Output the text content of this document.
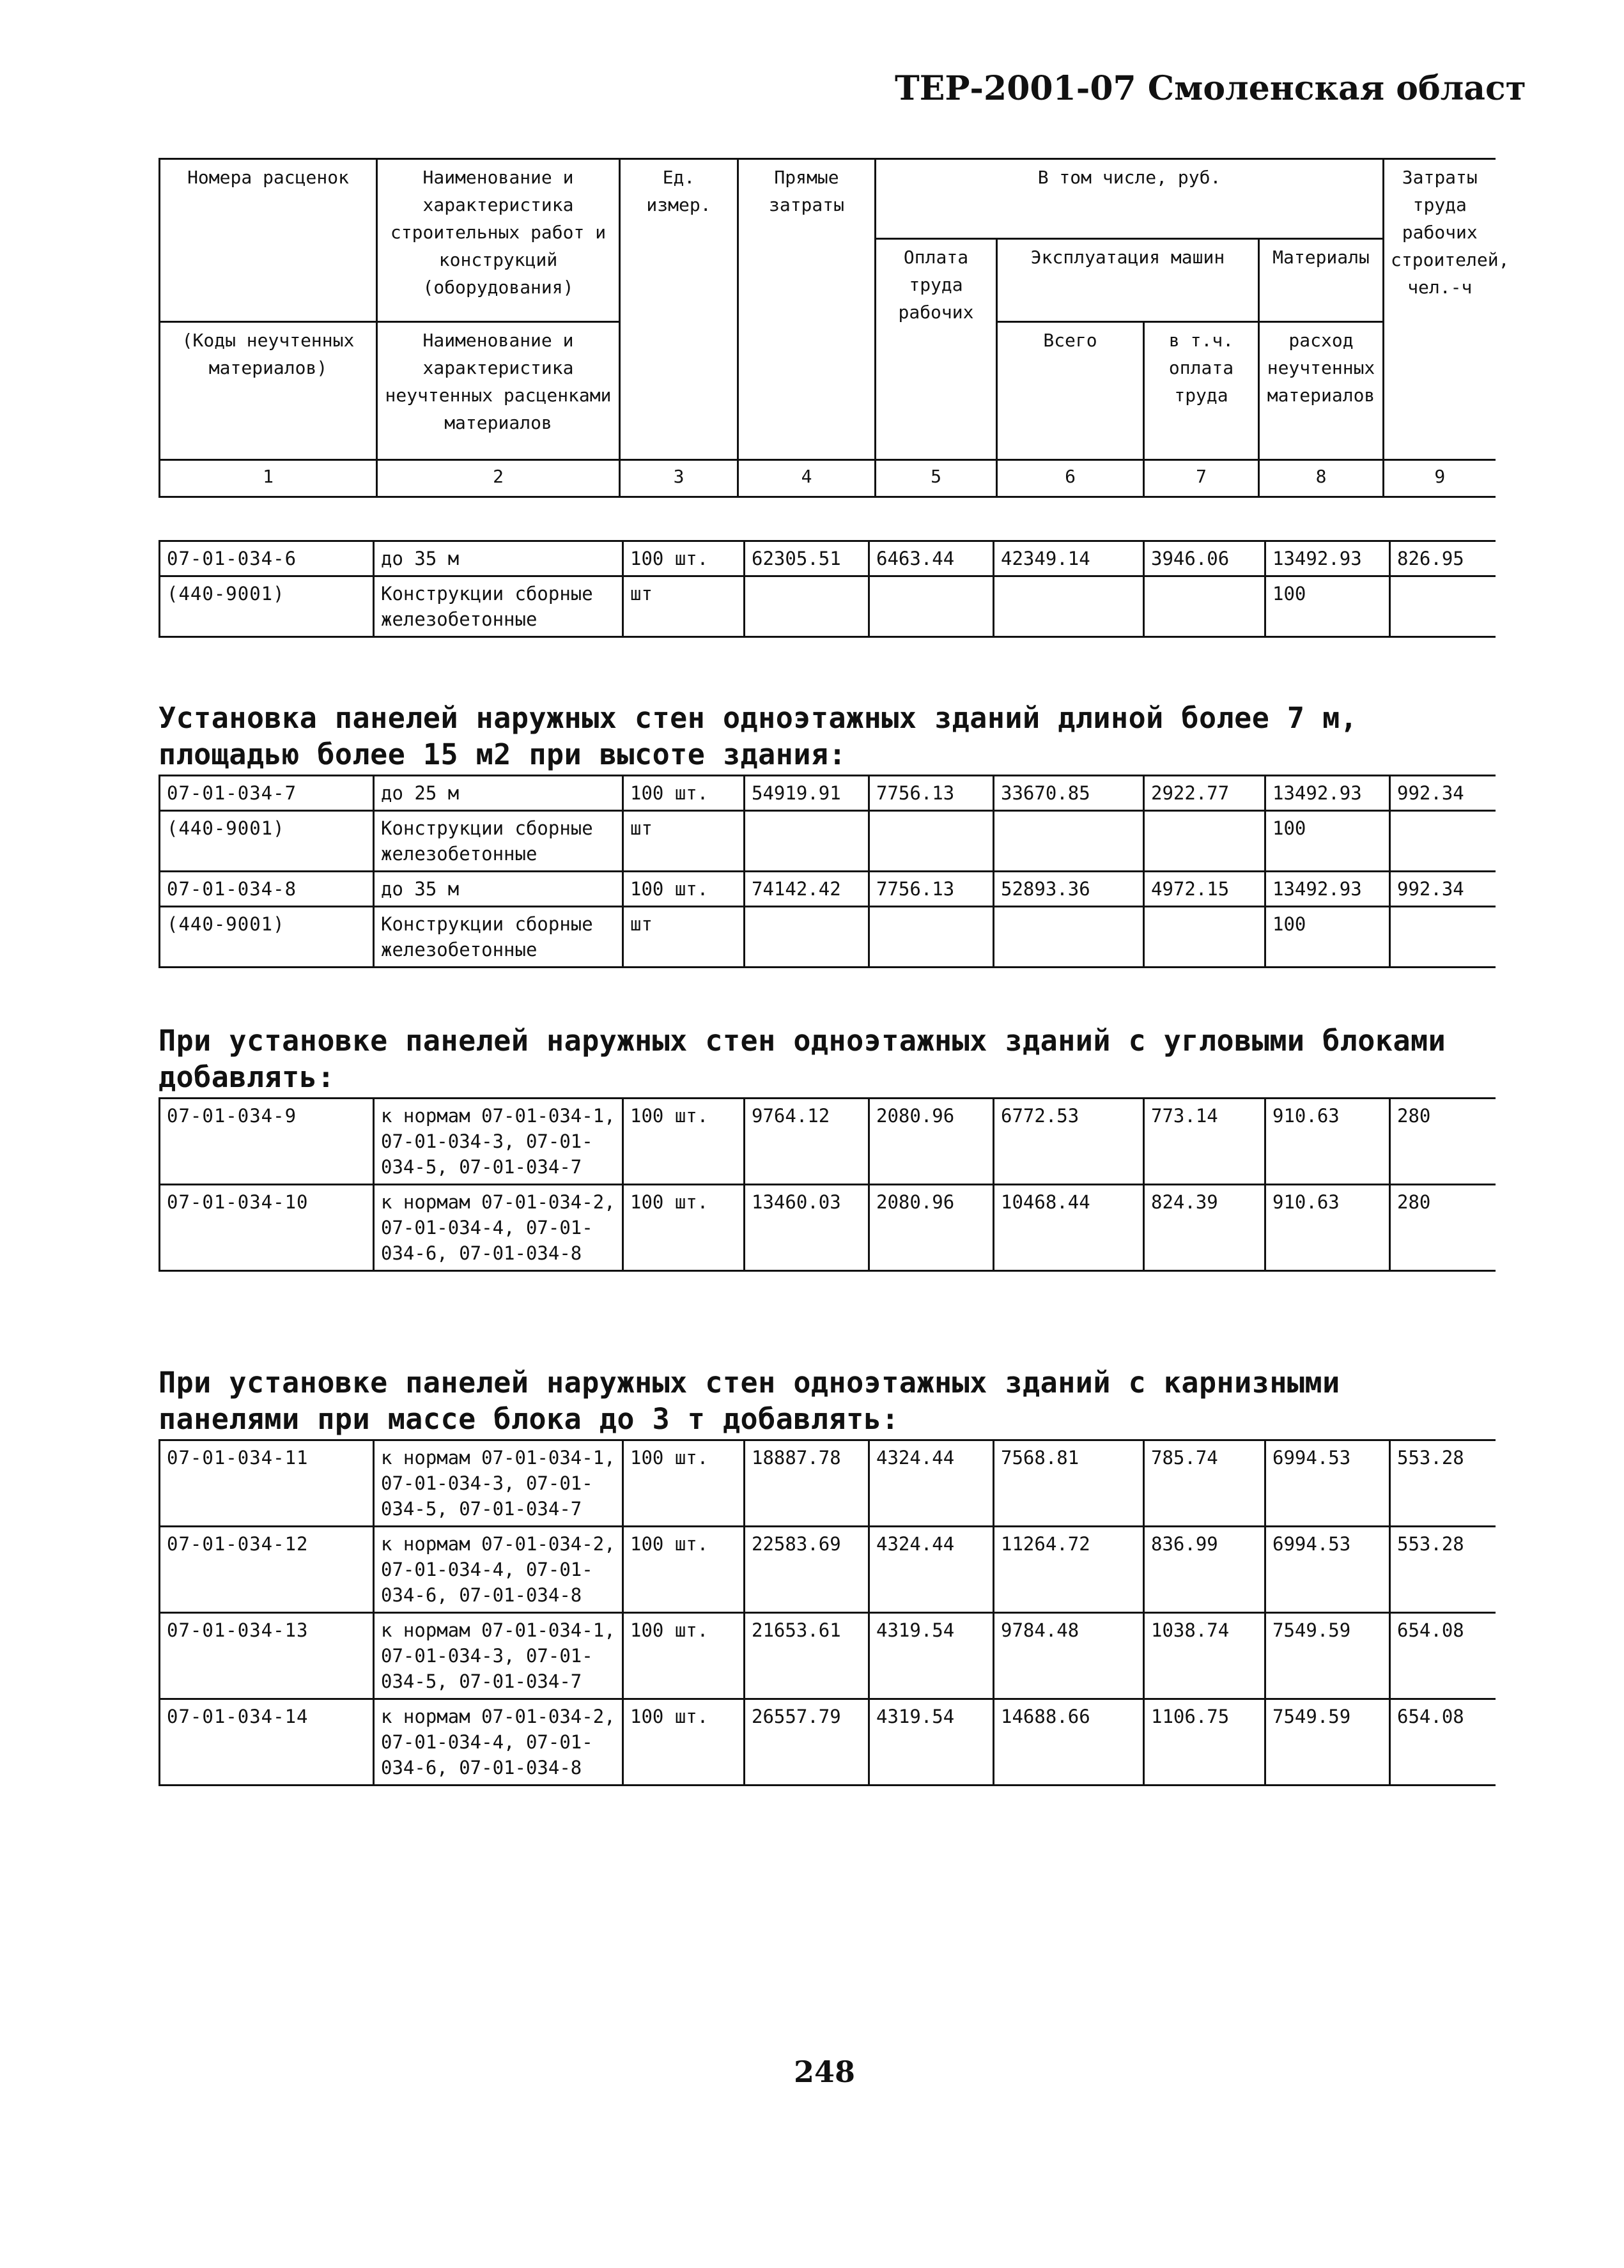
ТЕР-2001-07 Смоленская област
Номера расценок	Наименование и характеристика строительных работ и конструкций (оборудования)	Ед. измер.	Прямые затраты	В том числе, руб.				Затраты труда рабочих строителей, чел.-ч
				Оплата труда рабочих	Эксплуатация машин		Материалы	
(Коды неучтенных материалов)	Наименование и характеристика неучтенных расценками материалов				Всего	в т.ч. оплата труда	расход неучтенных материалов	
1	2	3	4	5	6	7	8	9
07-01-034-6	до 35 м	100 шт.	62305.51	6463.44	42349.14	3946.06	13492.93	826.95
(440-9001)	Конструкции сборные железобетонные	шт					100	
Установка панелей наружных стен одноэтажных зданий длиной более 7 м, площадью более 15 м2 при высоте здания:
07-01-034-7	до 25 м	100 шт.	54919.91	7756.13	33670.85	2922.77	13492.93	992.34
(440-9001)	Конструкции сборные железобетонные	шт					100	
07-01-034-8	до 35 м	100 шт.	74142.42	7756.13	52893.36	4972.15	13492.93	992.34
(440-9001)	Конструкции сборные железобетонные	шт					100	
При установке панелей наружных стен одноэтажных зданий с угловыми блоками добавлять:
07-01-034-9	к нормам 07-01-034-1, 07-01-034-3, 07-01-034-5, 07-01-034-7	100 шт.	9764.12	2080.96	6772.53	773.14	910.63	280
07-01-034-10	к нормам 07-01-034-2, 07-01-034-4, 07-01-034-6, 07-01-034-8	100 шт.	13460.03	2080.96	10468.44	824.39	910.63	280
При установке панелей наружных стен одноэтажных зданий с карнизными панелями при массе блока до 3 т добавлять:
07-01-034-11	к нормам 07-01-034-1, 07-01-034-3, 07-01-034-5, 07-01-034-7	100 шт.	18887.78	4324.44	7568.81	785.74	6994.53	553.28
07-01-034-12	к нормам 07-01-034-2, 07-01-034-4, 07-01-034-6, 07-01-034-8	100 шт.	22583.69	4324.44	11264.72	836.99	6994.53	553.28
07-01-034-13	к нормам 07-01-034-1, 07-01-034-3, 07-01-034-5, 07-01-034-7	100 шт.	21653.61	4319.54	9784.48	1038.74	7549.59	654.08
07-01-034-14	к нормам 07-01-034-2, 07-01-034-4, 07-01-034-6, 07-01-034-8	100 шт.	26557.79	4319.54	14688.66	1106.75	7549.59	654.08
248
